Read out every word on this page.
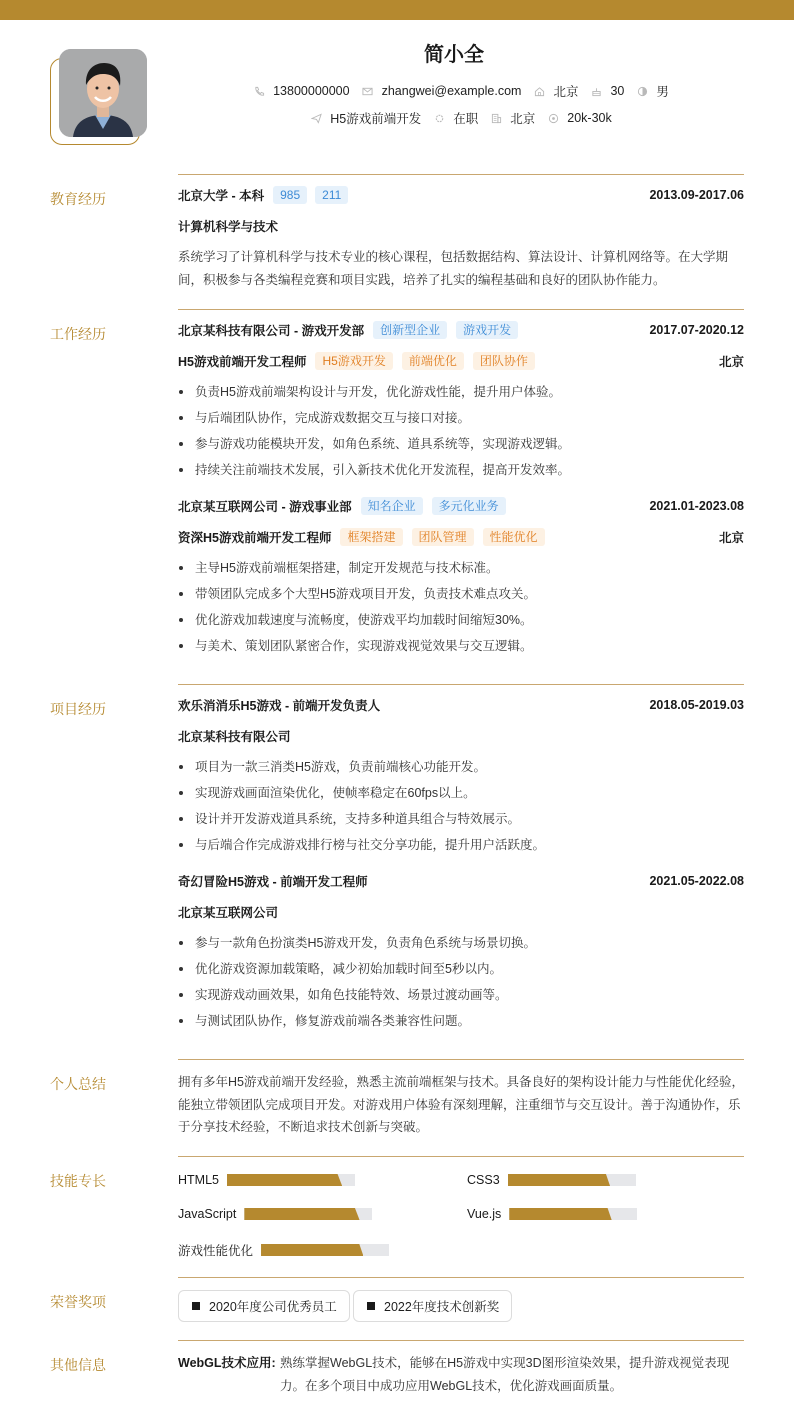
简小全
13800000000	zhangwei@example.com	北京	30	男
H5游戏前端开发	在职	北京	20k-30k
教育经历	北京大学 - 本科	985	211	2013.09-2017.06
计算机科学与技术
系统学习了计算机科学与技术专业的核心课程，包括数据结构、算法设计、计算机网络等。在大学期间，积极参与各类编程竞赛和项目实践，培养了扎实的编程基础和良好的团队协作能力。
工作经历	北京某科技有限公司 - 游戏开发部	创新型企业	游戏开发	2017.07-2020.12
H5游戏前端开发工程师	H5游戏开发	前端优化	团队协作	北京
负责H5游戏前端架构设计与开发，优化游戏性能，提升用户体验。
与后端团队协作，完成游戏数据交互与接口对接。
参与游戏功能模块开发，如角色系统、道具系统等，实现游戏逻辑。
持续关注前端技术发展，引入新技术优化开发流程，提高开发效率。
北京某互联网公司 - 游戏事业部	知名企业	多元化业务	2021.01-2023.08
资深H5游戏前端开发工程师	框架搭建	团队管理	性能优化	北京
主导H5游戏前端框架搭建，制定开发规范与技术标准。
带领团队完成多个大型H5游戏项目开发，负责技术难点攻关。
优化游戏加载速度与流畅度，使游戏平均加载时间缩短30%。
与美术、策划团队紧密合作，实现游戏视觉效果与交互逻辑。
项目经历	欢乐消消乐H5游戏 - 前端开发负责人	2018.05-2019.03
北京某科技有限公司
项目为一款三消类H5游戏，负责前端核心功能开发。
实现游戏画面渲染优化，使帧率稳定在60fps以上。
设计并开发游戏道具系统，支持多种道具组合与特效展示。
与后端合作完成游戏排行榜与社交分享功能，提升用户活跃度。
奇幻冒险H5游戏 - 前端开发工程师	2021.05-2022.08
北京某互联网公司
参与一款角色扮演类H5游戏开发，负责角色系统与场景切换。
优化游戏资源加载策略，减少初始加载时间至5秒以内。
实现游戏动画效果，如角色技能特效、场景过渡动画等。
与测试团队协作，修复游戏前端各类兼容性问题。
个人总结	拥有多年H5游戏前端开发经验，熟悉主流前端框架与技术。具备良好的架构设计能力与性能优化经验，能独立带领团队完成项目开发。对游戏用户体验有深刻理解，注重细节与交互设计。善于沟通协作，乐于分享技术经验，不断追求技术创新与突破。
技能专长	HTML5	CSS3
JavaScript	Vue.js
游戏性能优化
荣誉奖项	2020年度公司优秀员工	2022年度技术创新奖
其他信息	WebGL技术应用: 熟练掌握WebGL技术，能够在H5游戏中实现3D图形渲染效果，提升游戏视觉表现力。在多个项目中成功应用WebGL技术，优化游戏画面质量。
